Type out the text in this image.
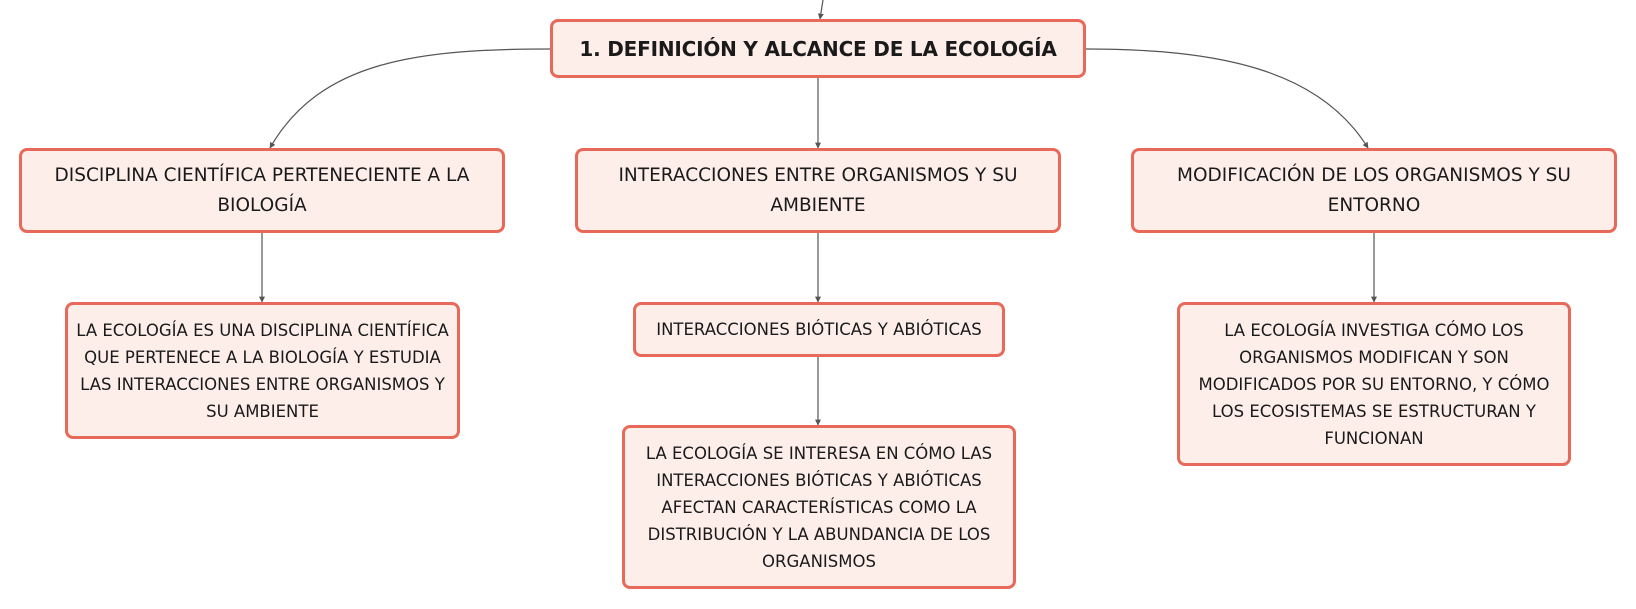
1. DEFINICIÓN Y ALCANCE DE LA ECOLOGÍA
DISCIPLINA CIENTÍFICA PERTENECIENTE A LA BIOLOGÍA
INTERACCIONES ENTRE ORGANISMOS Y SU AMBIENTE
MODIFICACIÓN DE LOS ORGANISMOS Y SU ENTORNO
LA ECOLOGÍA ES UNA DISCIPLINA CIENTÍFICA QUE PERTENECE A LA BIOLOGÍA Y ESTUDIA LAS INTERACCIONES ENTRE ORGANISMOS Y SU AMBIENTE
INTERACCIONES BIÓTICAS Y ABIÓTICAS	LA ECOLOGÍA INVESTIGA CÓMO LOS ORGANISMOS MODIFICAN Y SON MODIFICADOS POR SU ENTORNO, Y CÓMO LOS ECOSISTEMAS SE ESTRUCTURAN Y FUNCIONAN
LA ECOLOGÍA SE INTERESA EN CÓMO LAS INTERACCIONES BIÓTICAS Y ABIÓTICAS AFECTAN CARACTERÍSTICAS COMO LA DISTRIBUCIÓN Y LA ABUNDANCIA DE LOS ORGANISMOS
